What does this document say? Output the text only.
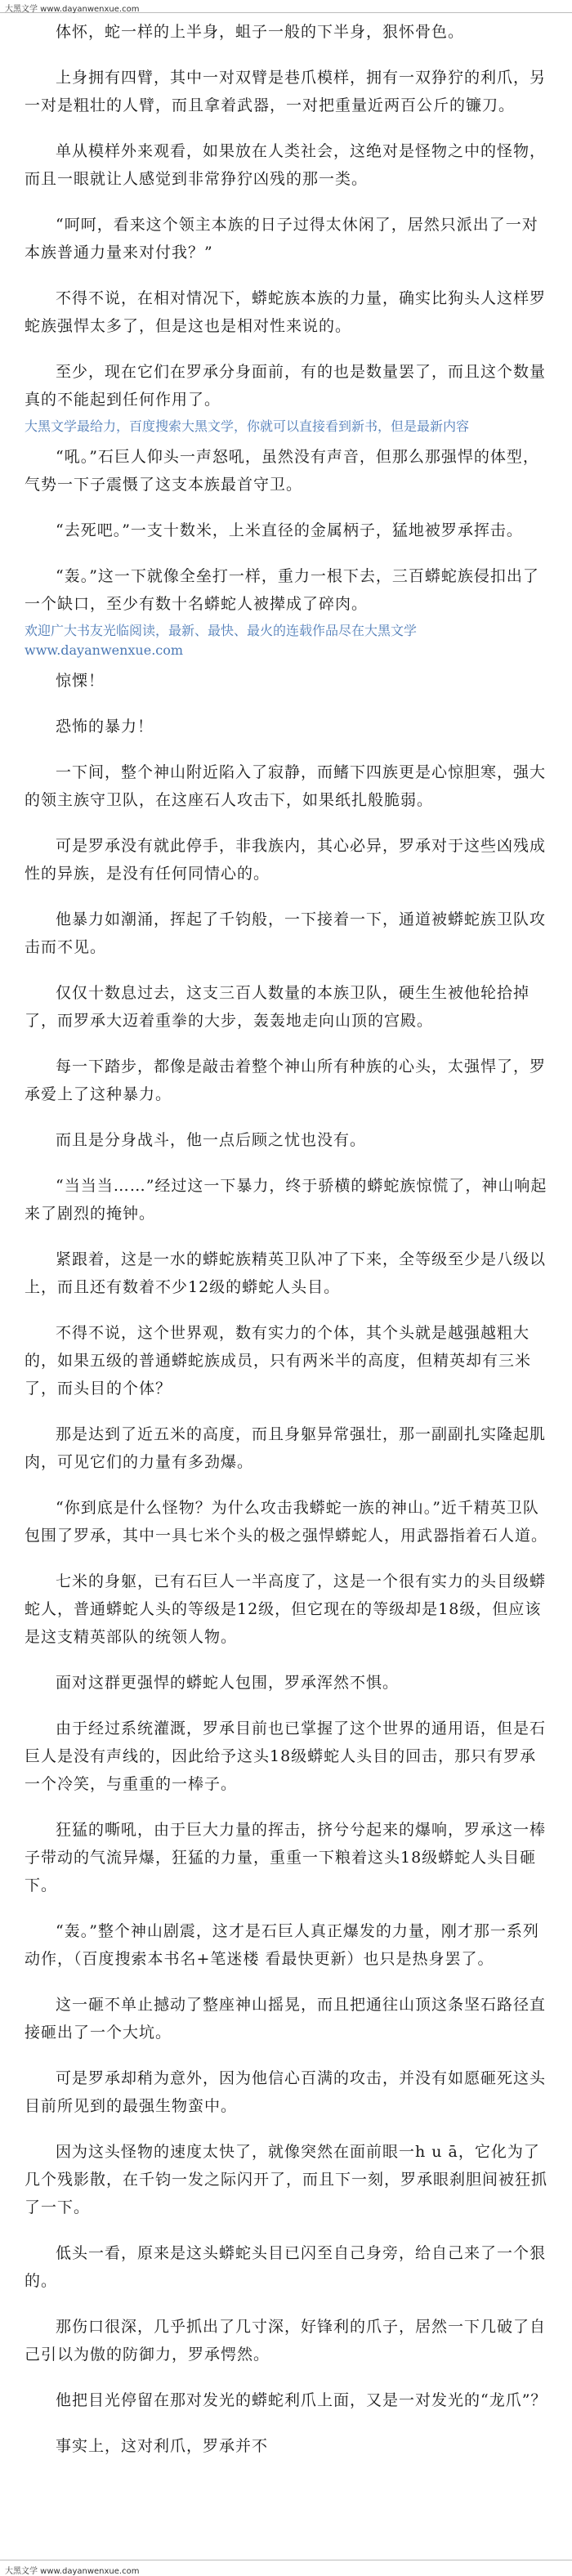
大黑文学 www.dayanwenxue.com

体怀，蛇一样的上半身，蛆子一般的下半身，狠怀骨色。

上身拥有四臂，其中一对双臂是巷爪模样，拥有一双狰狞的利爪，另一对是粗壮的人臂，而且拿着武器，一对把重量近两百公斤的镰刀。

单从模样外来观看，如果放在人类社会，这绝对是怪物之中的怪物，而且一眼就让人感觉到非常狰狞凶残的那一类。

“呵呵，看来这个领主本族的日子过得太休闲了，居然只派出了一对本族普通力量来对付我？”

不得不说，在相对情况下，蟒蛇族本族的力量，确实比狗头人这样罗蛇族强悍太多了，但是这也是相对性来说的。

至少，现在它们在罗承分身面前，有的也是数量罢了，而且这个数量真的不能起到任何作用了。

大黑文学最给力，百度搜索大黑文学，你就可以直接看到新书，但是最新内容

“吼。”石巨人仰头一声怒吼，虽然没有声音，但那么那强悍的体型，气势一下子震慑了这支本族最首守卫。

“去死吧。”一支十数米，上米直径的金属柄子，猛地被罗承挥击。

“轰。”这一下就像全垒打一样，重力一根下去，三百蟒蛇族侵扣出了一个缺口，至少有数十名蟒蛇人被撵成了碎肉。

欢迎广大书友光临阅读，最新、最快、最火的连载作品尽在大黑文学 www.dayanwenxue.com

惊慄！

恐怖的暴力！

一下间，整个神山附近陷入了寂静，而鳍下四族更是心惊胆寒，强大的领主族守卫队，在这座石人攻击下，如果纸扎般脆弱。

可是罗承没有就此停手，非我族内，其心必异，罗承对于这些凶残成性的异族，是没有任何同情心的。

他暴力如潮涌，挥起了千钧般，一下接着一下，通道被蟒蛇族卫队攻击而不见。

仅仅十数息过去，这支三百人数量的本族卫队，硬生生被他轮拾掉了，而罗承大迈着重拳的大步，轰轰地走向山顶的宫殿。

每一下踏步，都像是敲击着整个神山所有种族的心头，太强悍了，罗承爱上了这种暴力。

而且是分身战斗，他一点后顾之忧也没有。

“当当当……”经过这一下暴力，终于骄横的蟒蛇族惊慌了，神山响起来了剧烈的掩钟。

紧跟着，这是一水的蟒蛇族精英卫队冲了下来，全等级至少是八级以上，而且还有数着不少12级的蟒蛇人头目。

不得不说，这个世界观，数有实力的个体，其个头就是越强越粗大的，如果五级的普通蟒蛇族成员，只有两米半的高度，但精英却有三米了，而头目的个体？

那是达到了近五米的高度，而且身躯异常强壮，那一副副扎实隆起肌肉，可见它们的力量有多劲爆。

“你到底是什么怪物？为什么攻击我蟒蛇一族的神山。”近千精英卫队包围了罗承，其中一具七米个头的极之强悍蟒蛇人，用武器指着石人道。

七米的身躯，已有石巨人一半高度了，这是一个很有实力的头目级蟒蛇人，普通蟒蛇人头的等级是12级，但它现在的等级却是18级，但应该是这支精英部队的统领人物。

面对这群更强悍的蟒蛇人包围，罗承浑然不惧。

由于经过系统灌溉，罗承目前也已掌握了这个世界的通用语，但是石巨人是没有声线的，因此给予这头18级蟒蛇人头目的回击，那只有罗承一个冷笑，与重重的一棒子。

狂猛的嘶吼，由于巨大力量的挥击，挤兮兮起来的爆响，罗承这一棒子带动的气流异爆，狂猛的力量，重重一下粮着这头18级蟒蛇人头目砸下。

“轰。”整个神山剧震，这才是石巨人真正爆发的力量，刚才那一系列动作，（百度搜索本书名+笔迷楼 看最快更新）也只是热身罢了。

这一砸不单止撼动了整座神山摇晃，而且把通往山顶这条坚石路径直接砸出了一个大坑。

可是罗承却稍为意外，因为他信心百满的攻击，并没有如愿砸死这头目前所见到的最强生物蛮中。

因为这头怪物的速度太快了，就像突然在面前眼一h u ā，它化为了几个残影散，在千钧一发之际闪开了，而且下一刻，罗承眼刹胆间被狂抓了一下。

低头一看，原来是这头蟒蛇头目已闪至自己身旁，给自己来了一个狠的。

那伤口很深，几乎抓出了几寸深，好锋利的爪子，居然一下几破了自己引以为傲的防御力，罗承愕然。

他把目光停留在那对发光的蟒蛇利爪上面，又是一对发光的“龙爪”？

事实上，这对利爪，罗承并不

大黑文学 www.dayanwenxue.com
